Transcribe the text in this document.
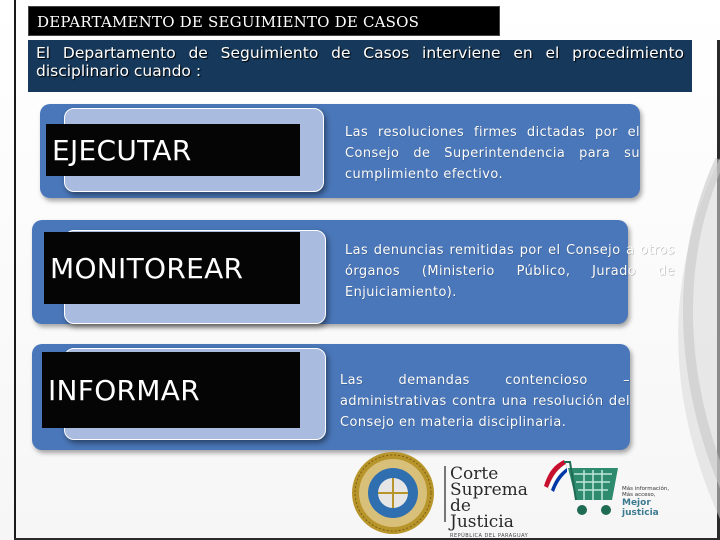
DEPARTAMENTO DE SEGUIMIENTO DE CASOS
El Departamento de Seguimiento de Casos interviene en el procedimiento disciplinario cuando :
EJECUTAR
Las resoluciones firmes dictadas por el Consejo de Superintendencia para su cumplimiento efectivo.
MONITOREAR
Las denuncias remitidas por el Consejo a otros órganos (Ministerio Público, Jurado de Enjuiciamiento).
INFORMAR	Las demandas contencioso – administrativas contra una resolución del Consejo en materia disciplinaria.
Corte
Suprema
de Justicia
REPÚBLICA DEL PARAGUAY
Más información,
Más acceso,
Mejor justicia
